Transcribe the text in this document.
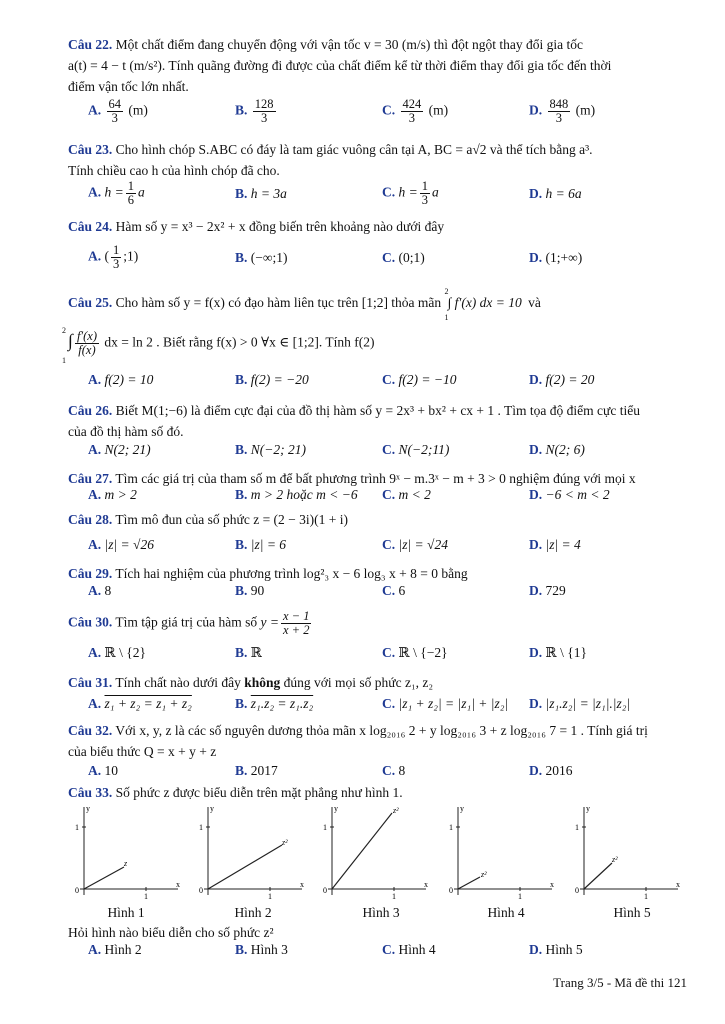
Câu 22. Một chất điểm đang chuyển động với vận tốc v = 30 (m/s) thì đột ngột thay đổi gia tốc
a(t) = 4 − t (m/s²). Tính quãng đường đi được của chất điểm kể từ thời điểm thay đổi gia tốc đến thời
điểm vận tốc lớn nhất.
A. $\frac{64}{3} (m)$	B. $\frac{128}{3}$	C. $\frac{424}{3} (m)$	D. $\frac{848}{3} (m)$
Câu 23. Cho hình chóp S.ABC có đáy là tam giác vuông cân tại A, BC = a√2 và thể tích bằng a³.
Tính chiều cao h của hình chóp đã cho.
A. $h = \frac{1}{6}$ a	B. h = 3a	C. $h = \frac{1}{3}$ a	D. h = 6a
Câu 24. Hàm số y = x³ − 2x² + x đồng biến trên khoảng nào dưới đây
A. ( $\frac{1}{3}$ ;1)	B. (−∞;1)	C. (0;1)	D. (1;+∞)
Câu 25. Cho hàm số y = f(x) có đạo hàm liên tục trên [1;2] thỏa mãn
2
∫ f′(x) dx = 10
1
và
2
1
∫ $\frac{f'(x)}{f(x)}$ dx = ln 2 . Biết rằng f(x) > 0 ∀x ∈ [1;2]. Tính f(2)
A. f(2) = 10	B. f(2) = −20	C. f(2) = −10	D. f(2) = 20
Câu 26. Biết M(1;−6) là điểm cực đại của đồ thị hàm số y = 2x³ + bx² + cx + 1 . Tìm tọa độ điểm cực tiểu
của đồ thị hàm số đó.
A. N(2; 21)	B. N(−2; 21)	C. N(−2;11)	D. N(2; 6)
Câu 27. Tìm các giá trị của tham số m để bất phương trình 9ˣ − m.3ˣ − m + 3 > 0 nghiệm đúng với mọi x
A. m > 2	B. m > 2 hoặc m < −6 C. m < 2	D. −6 < m < 2
Câu 28. Tìm mô đun của số phức z = (2 − 3i)(1 + i)
A. |z| = √26	B. |z| = 6	C. |z| = √24	D. |z| = 4
Câu 29. Tích hai nghiệm của phương trình log²₃ x − 6 log₃ x + 8 = 0 bằng
A. 8	B. 90	C. 6	D. 729
Câu 30. Tìm tập giá trị của hàm số $y = \frac{x - 1}{x + 2}$
A. ℝ \ {2}	B. ℝ	C. ℝ \ {−2}	D. ℝ \ {1}
Câu 31. Tính chất nào dưới đây không đúng với mọi số phức z₁, z₂
A. z₁ + z₂ = z₁ + z₂	B. z₁.z₂ = z₁.z₂	C. |z₁ + z₂| = |z₁| + |z₂| D. |z₁.z₂| = |z₁|.|z₂|
Câu 32. Với x, y, z là các số nguyên dương thỏa mãn x log₂₀₁₆ 2 + y log₂₀₁₆ 3 + z log₂₀₁₆ 7 = 1 . Tính giá trị
của biểu thức Q = x + y + z
A. 10	B. 2017	C. 8	D. 2016
Câu 33. Số phức z được biểu diễn trên mặt phẳng như hình 1.
y
x
0
1
1
z
y
x
0
1
1
z²
y
x
0
1
1
z²	y
x
0
1
1
z²
y
x
0
1
1
z²
Hình 1	Hình 2	Hình 3	Hình 4	Hình 5
Hỏi hình nào biểu diễn cho số phức z²
A. Hình 2	B. Hình 3	C. Hình 4	D. Hình 5
Trang 3/5 - Mã đề thi 121
